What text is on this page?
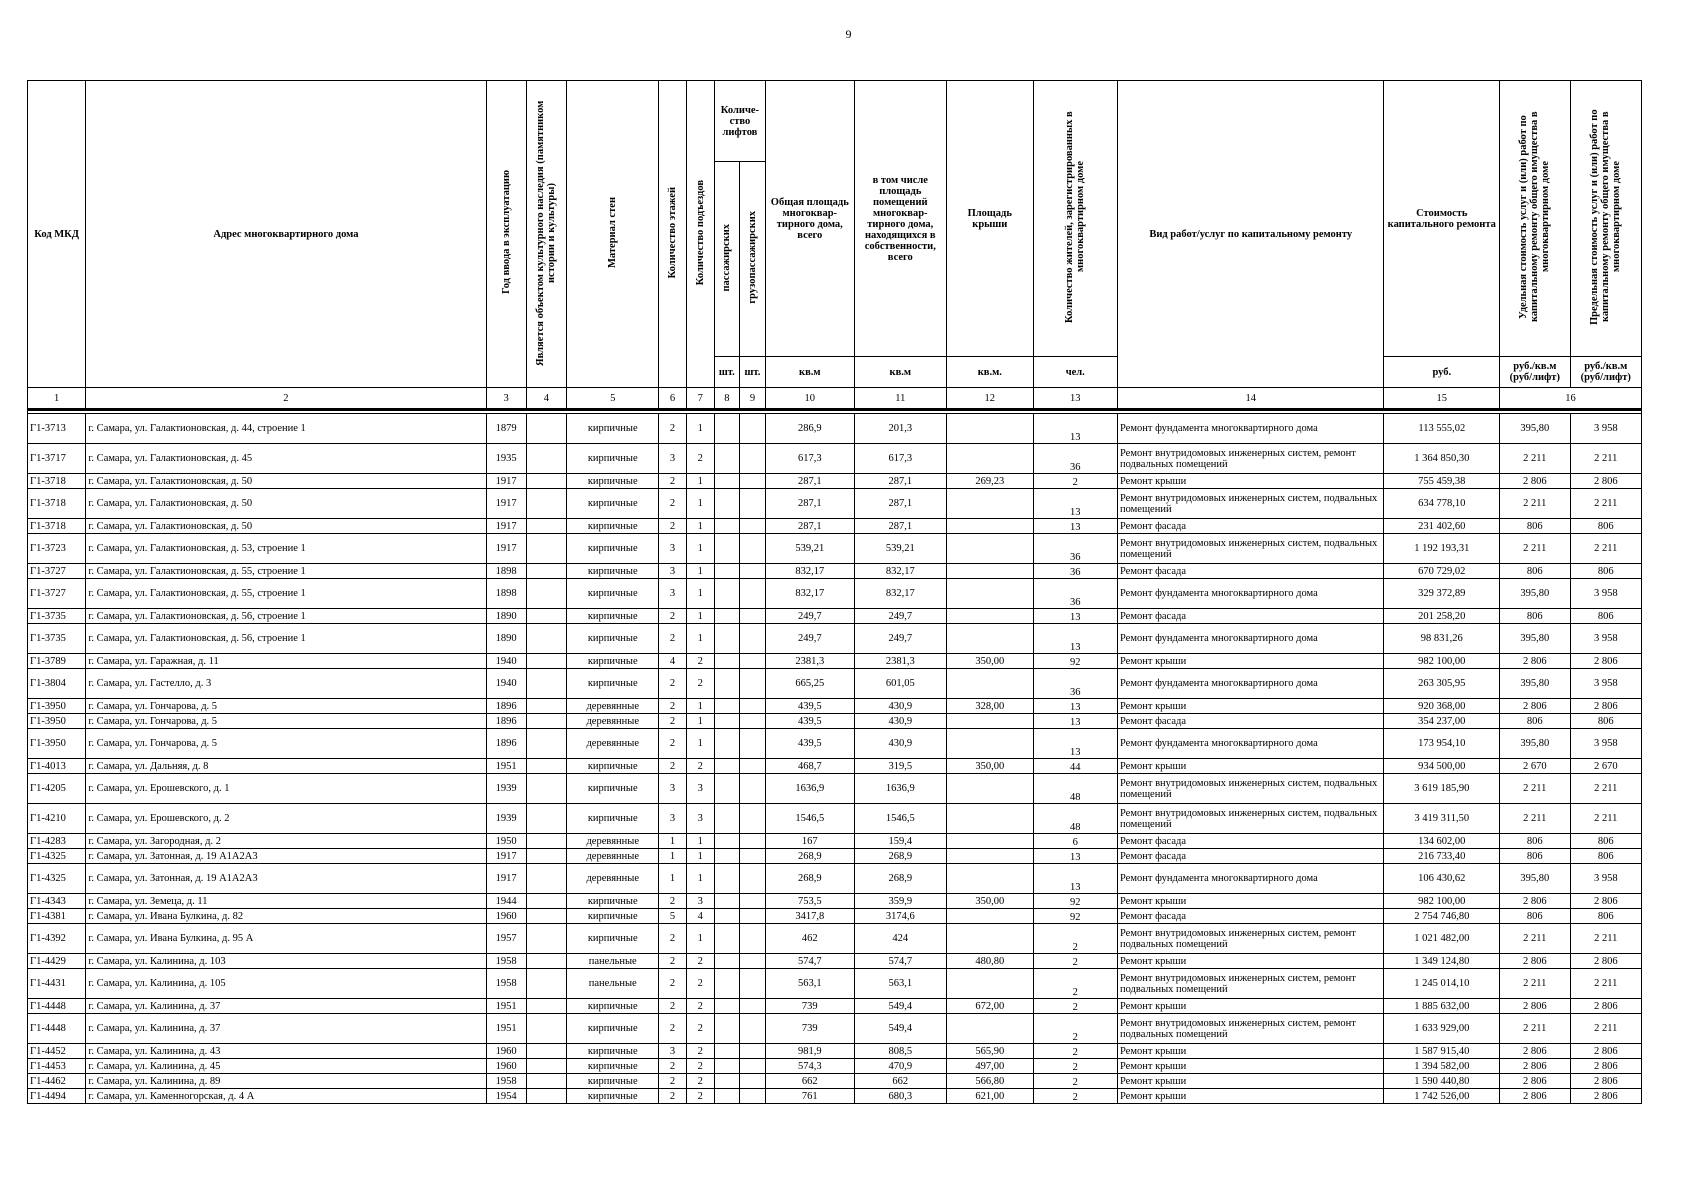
9
Код МКД	Адрес многоквартирного дома	Год ввода в эксплуатацию	Является объектом культурного наследия (памятником истории и культуры)	Материал стен	Количество этажей	Количество подъездов	Количе- ство лифтов		Общая площадь многоквар- тирного дома, всего	в том числе площадь помещений многоквар- тирного дома, находящихся в собственности, всего	Площадь крыши	Количество жителей, зарегистрированных в многоквартирном доме	Вид работ/услуг по капитальному ремонту	Стоимость капитального ремонта	Удельная стоимость услуг и (или) работ по капитальному ремонту общего имущества в многоквартирном доме	Предельная стоимость услуг и (или) работ по капитальному ремонту общего имущества в многоквартирном доме
							пассажирских	грузопассажирских								
							шт.	шт.	кв.м	кв.м	кв.м.	чел.		руб.	руб./кв.м (руб/лифт)	руб./кв.м (руб/лифт)
1	2	3	4	5	6	7	8	9	10	11	12	13	14	15	16	

Г1-3713	г. Самара, ул. Галактионовская, д. 44, строение 1	1879		кирпичные	2	1			286,9	201,3		13	Ремонт фундамента многоквартирного дома	113 555,02	395,80	3 958
Г1-3717	г. Самара, ул. Галактионовская, д. 45	1935		кирпичные	3	2			617,3	617,3		36	Ремонт внутридомовых инженерных систем, ремонт подвальных помещений	1 364 850,30	2 211	2 211
Г1-3718	г. Самара, ул. Галактионовская, д. 50	1917		кирпичные	2	1			287,1	287,1	269,23	2	Ремонт крыши	755 459,38	2 806	2 806
Г1-3718	г. Самара, ул. Галактионовская, д. 50	1917		кирпичные	2	1			287,1	287,1		13	Ремонт внутридомовых инженерных систем, подвальных помещений	634 778,10	2 211	2 211
Г1-3718	г. Самара, ул. Галактионовская, д. 50	1917		кирпичные	2	1			287,1	287,1		13	Ремонт фасада	231 402,60	806	806
Г1-3723	г. Самара, ул. Галактионовская, д. 53, строение 1	1917		кирпичные	3	1			539,21	539,21		36	Ремонт внутридомовых инженерных систем, подвальных помещений	1 192 193,31	2 211	2 211
Г1-3727	г. Самара, ул. Галактионовская, д. 55, строение 1	1898		кирпичные	3	1			832,17	832,17		36	Ремонт фасада	670 729,02	806	806
Г1-3727	г. Самара, ул. Галактионовская, д. 55, строение 1	1898		кирпичные	3	1			832,17	832,17		36	Ремонт фундамента многоквартирного дома	329 372,89	395,80	3 958
Г1-3735	г. Самара, ул. Галактионовская, д. 56, строение 1	1890		кирпичные	2	1			249,7	249,7		13	Ремонт фасада	201 258,20	806	806
Г1-3735	г. Самара, ул. Галактионовская, д. 56, строение 1	1890		кирпичные	2	1			249,7	249,7		13	Ремонт фундамента многоквартирного дома	98 831,26	395,80	3 958
Г1-3789	г. Самара, ул. Гаражная, д. 11	1940		кирпичные	4	2			2381,3	2381,3	350,00	92	Ремонт крыши	982 100,00	2 806	2 806
Г1-3804	г. Самара, ул. Гастелло, д. 3	1940		кирпичные	2	2			665,25	601,05		36	Ремонт фундамента многоквартирного дома	263 305,95	395,80	3 958
Г1-3950	г. Самара, ул. Гончарова, д. 5	1896		деревянные	2	1			439,5	430,9	328,00	13	Ремонт крыши	920 368,00	2 806	2 806
Г1-3950	г. Самара, ул. Гончарова, д. 5	1896		деревянные	2	1			439,5	430,9		13	Ремонт фасада	354 237,00	806	806
Г1-3950	г. Самара, ул. Гончарова, д. 5	1896		деревянные	2	1			439,5	430,9		13	Ремонт фундамента многоквартирного дома	173 954,10	395,80	3 958
Г1-4013	г. Самара, ул. Дальняя, д. 8	1951		кирпичные	2	2			468,7	319,5	350,00	44	Ремонт крыши	934 500,00	2 670	2 670
Г1-4205	г. Самара, ул. Ерошевского, д. 1	1939		кирпичные	3	3			1636,9	1636,9		48	Ремонт внутридомовых инженерных систем, подвальных помещений	3 619 185,90	2 211	2 211
Г1-4210	г. Самара, ул. Ерошевского, д. 2	1939		кирпичные	3	3			1546,5	1546,5		48	Ремонт внутридомовых инженерных систем, подвальных помещений	3 419 311,50	2 211	2 211
Г1-4283	г. Самара, ул. Загородная, д. 2	1950		деревянные	1	1			167	159,4		6	Ремонт фасада	134 602,00	806	806
Г1-4325	г. Самара, ул. Затонная, д. 19 А1А2А3	1917		деревянные	1	1			268,9	268,9		13	Ремонт фасада	216 733,40	806	806
Г1-4325	г. Самара, ул. Затонная, д. 19 А1А2А3	1917		деревянные	1	1			268,9	268,9		13	Ремонт фундамента многоквартирного дома	106 430,62	395,80	3 958
Г1-4343	г. Самара, ул. Земеца, д. 11	1944		кирпичные	2	3			753,5	359,9	350,00	92	Ремонт крыши	982 100,00	2 806	2 806
Г1-4381	г. Самара, ул. Ивана Булкина, д. 82	1960		кирпичные	5	4			3417,8	3174,6		92	Ремонт фасада	2 754 746,80	806	806
Г1-4392	г. Самара, ул. Ивана Булкина, д. 95 А	1957		кирпичные	2	1			462	424		2	Ремонт внутридомовых инженерных систем, ремонт подвальных помещений	1 021 482,00	2 211	2 211
Г1-4429	г. Самара, ул. Калинина, д. 103	1958		панельные	2	2			574,7	574,7	480,80	2	Ремонт крыши	1 349 124,80	2 806	2 806
Г1-4431	г. Самара, ул. Калинина, д. 105	1958		панельные	2	2			563,1	563,1		2	Ремонт внутридомовых инженерных систем, ремонт подвальных помещений	1 245 014,10	2 211	2 211
Г1-4448	г. Самара, ул. Калинина, д. 37	1951		кирпичные	2	2			739	549,4	672,00	2	Ремонт крыши	1 885 632,00	2 806	2 806
Г1-4448	г. Самара, ул. Калинина, д. 37	1951		кирпичные	2	2			739	549,4		2	Ремонт внутридомовых инженерных систем, ремонт подвальных помещений	1 633 929,00	2 211	2 211
Г1-4452	г. Самара, ул. Калинина, д. 43	1960		кирпичные	3	2			981,9	808,5	565,90	2	Ремонт крыши	1 587 915,40	2 806	2 806
Г1-4453	г. Самара, ул. Калинина, д. 45	1960		кирпичные	2	2			574,3	470,9	497,00	2	Ремонт крыши	1 394 582,00	2 806	2 806
Г1-4462	г. Самара, ул. Калинина, д. 89	1958		кирпичные	2	2			662	662	566,80	2	Ремонт крыши	1 590 440,80	2 806	2 806
Г1-4494	г. Самара, ул. Каменногорская, д. 4 А	1954		кирпичные	2	2			761	680,3	621,00	2	Ремонт крыши	1 742 526,00	2 806	2 806
